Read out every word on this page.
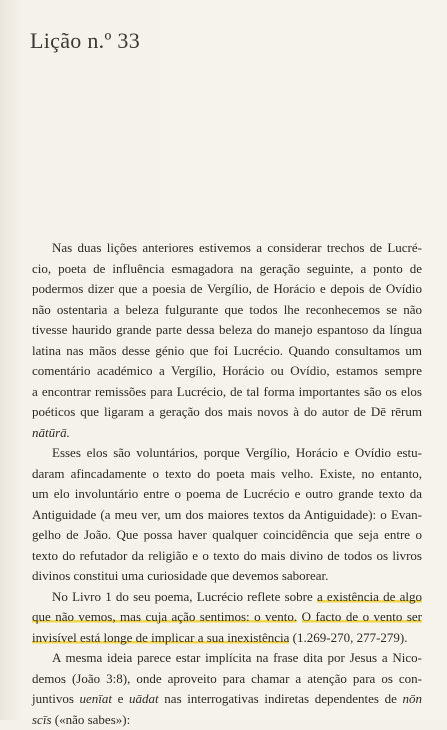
Lição n.º 33
Nas duas lições anteriores estivemos a considerar trechos de Lucré-
cio, poeta de influência esmagadora na geração seguinte, a ponto de
podermos dizer que a poesia de Vergílio, de Horácio e depois de Ovídio
não ostentaria a beleza fulgurante que todos lhe reconhecemos se não
tivesse haurido grande parte dessa beleza do manejo espantoso da língua
latina nas mãos desse génio que foi Lucrécio. Quando consultamos um
comentário académico a Vergílio, Horácio ou Ovídio, estamos sempre
a encontrar remissões para Lucrécio, de tal forma importantes são os elos
poéticos que ligaram a geração dos mais novos à do autor de Dē rērum
nātūrā.
Esses elos são voluntários, porque Vergílio, Horácio e Ovídio estu-
daram afincadamente o texto do poeta mais velho. Existe, no entanto,
um elo involuntário entre o poema de Lucrécio e outro grande texto da
Antiguidade (a meu ver, um dos maiores textos da Antiguidade): o Evan-
gelho de João. Que possa haver qualquer coincidência que seja entre o
texto do refutador da religião e o texto do mais divino de todos os livros
divinos constitui uma curiosidade que devemos saborear.
No Livro 1 do seu poema, Lucrécio reflete sobre a existência de algo
que não vemos, mas cuja ação sentimos: o vento. O facto de o vento ser
invisível está longe de implicar a sua inexistência (1.269-270, 277-279).
A mesma ideia parece estar implícita na frase dita por Jesus a Nico-
demos (João 3:8), onde aproveito para chamar a atenção para os con-
juntivos uenīat e uādat nas interrogativas indiretas dependentes de nōn
scīs («não sabes»):
